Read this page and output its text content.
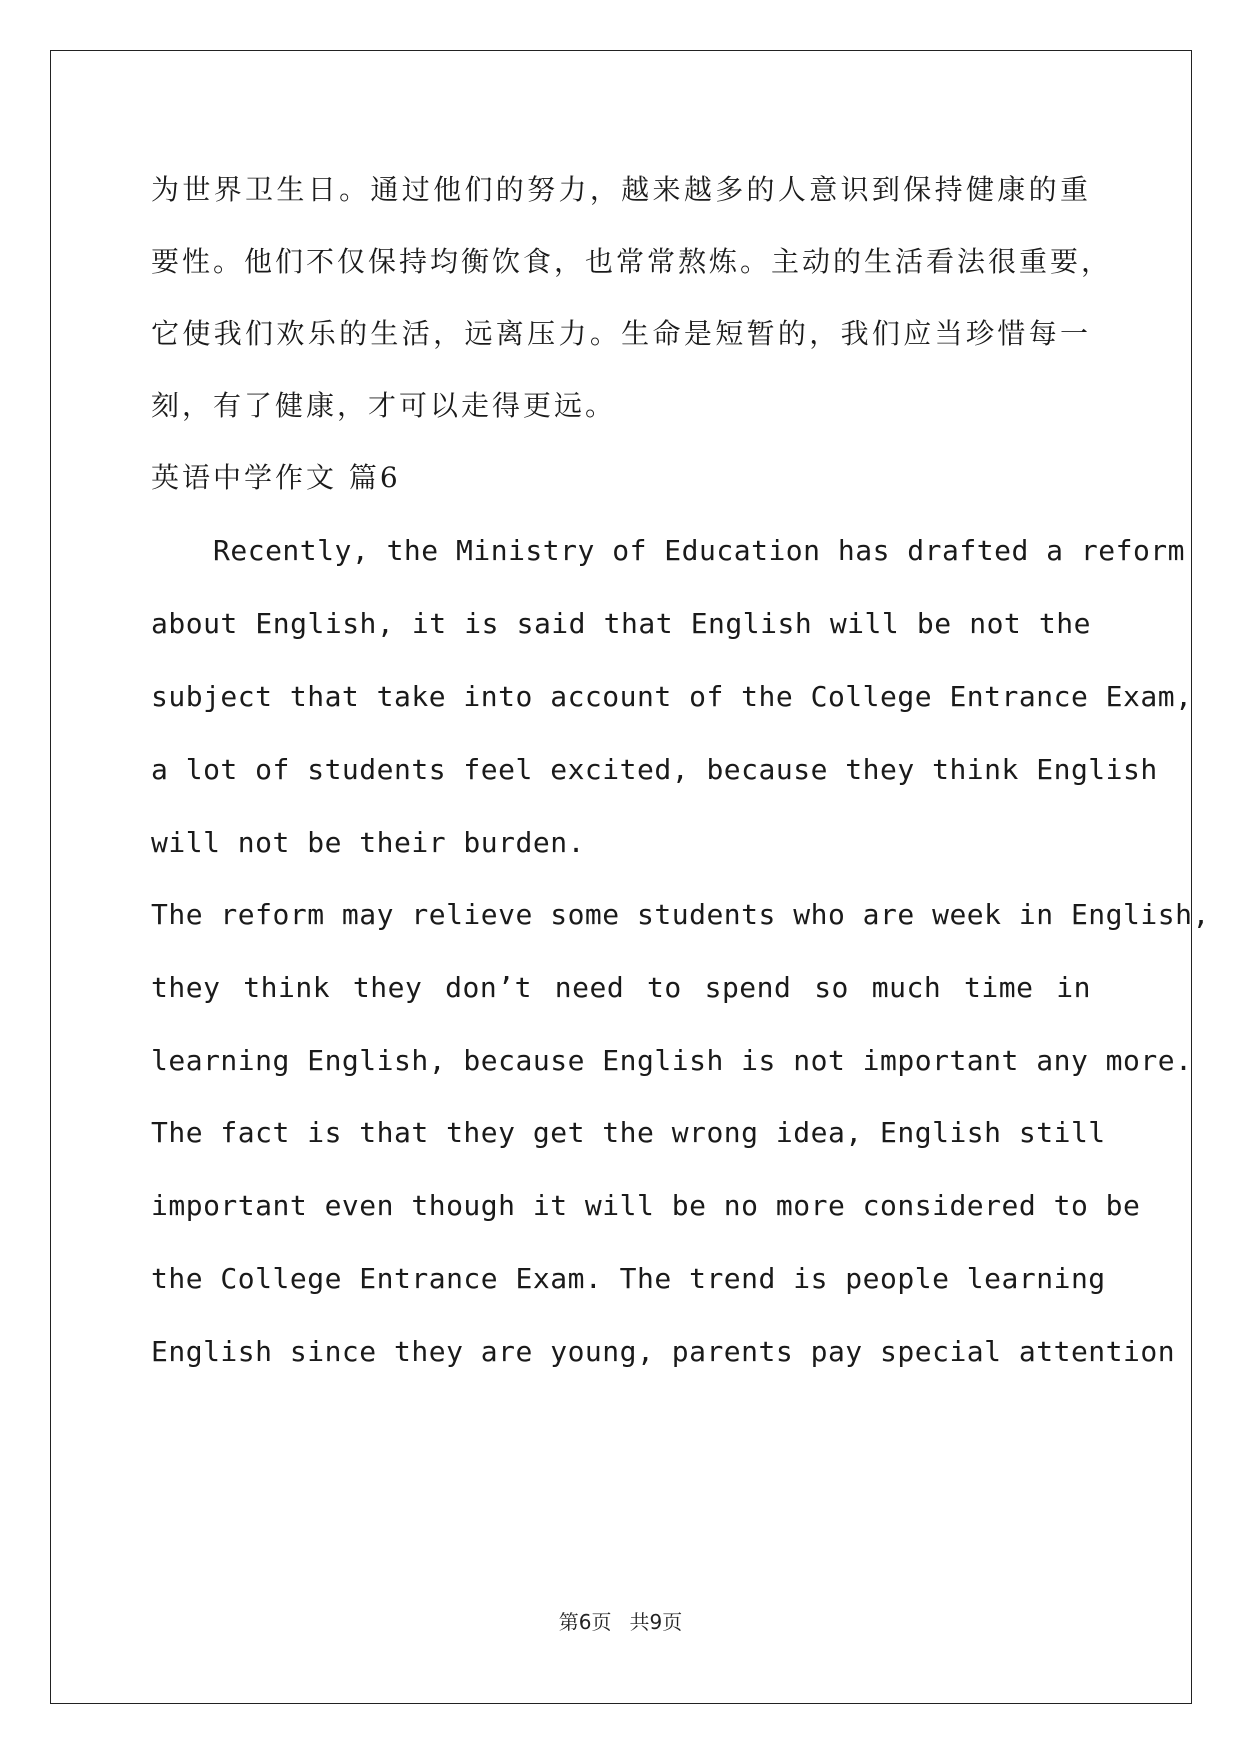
为世界卫生日。通过他们的努力，越来越多的人意识到保持健康的重
要性。他们不仅保持均衡饮食，也常常熬炼。主动的生活看法很重要，
它使我们欢乐的生活，远离压力。生命是短暂的，我们应当珍惜每一
刻，有了健康，才可以走得更远。
英语中学作文 篇6
Recently, the Ministry of Education has drafted a reform
about English, it is said that English will be not the
subject that take into account of the College Entrance Exam,
a lot of students feel excited, because they think English
will not be their burden.
The reform may relieve some students who are week in English,
they think they don’t need to spend so much time in
learning English, because English is not important any more.
The fact is that they get the wrong idea, English still
important even though it will be no more considered to be
the College Entrance Exam. The trend is people learning
English since they are young, parents pay special attention
第6页 共9页
